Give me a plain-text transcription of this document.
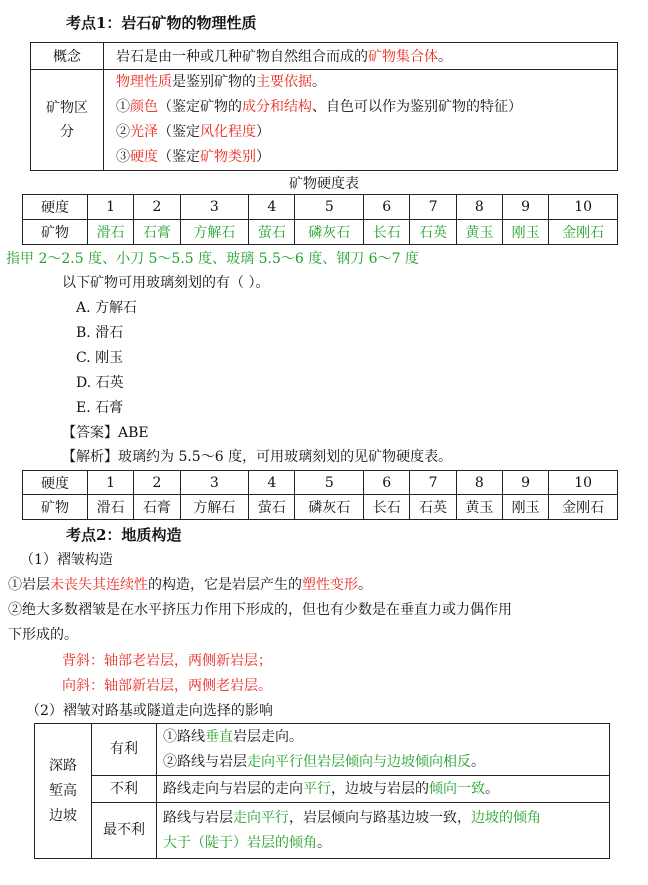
考点1：岩石矿物的物理性质
概念	岩石是由一种或几种矿物自然组合而成的矿物集合体。

矿物区分	物理性质是鉴别矿物的主要依据。
①颜色（鉴定矿物的成分和结构、自色可以作为鉴别矿物的特征）
②光泽（鉴定风化程度）
③硬度（鉴定矿物类别）
矿物硬度表
硬度	1	2	3	4	5	6	7	8	9	10
矿物	滑石	石膏	方解石	萤石	磷灰石	长石	石英	黄玉	刚玉	金刚石
指甲 2～2.5 度、小刀 5～5.5 度、玻璃 5.5～6 度、钢刀 6～7 度
以下矿物可用玻璃刻划的有（ ）。
A. 方解石
B. 滑石
C. 刚玉
D. 石英
E. 石膏
【答案】ABE
【解析】玻璃约为 5.5～6 度，可用玻璃刻划的见矿物硬度表。
硬度	1	2	3	4	5	6	7	8	9	10
矿物	滑石	石膏	方解石	萤石	磷灰石	长石	石英	黄玉	刚玉	金刚石
考点2：地质构造
（1）褶皱构造
①岩层未丧失其连续性的构造，它是岩层产生的塑性变形。
②绝大多数褶皱是在水平挤压力作用下形成的，但也有少数是在垂直力或力偶作用
下形成的。
背斜：轴部老岩层，两侧新岩层；
向斜：轴部新岩层，两侧老岩层。
（2）褶皱对路基或隧道走向选择的影响
深路堑高边坡	有利	①路线垂直岩层走向。
②路线与岩层走向平行但岩层倾向与边坡倾向相反。

	不利	路线走向与岩层的走向平行，边坡与岩层的倾向一致。
	最不利	路线与岩层走向平行，岩层倾向与路基边坡一致，边坡的倾角
大于（陡于）岩层的倾角。
